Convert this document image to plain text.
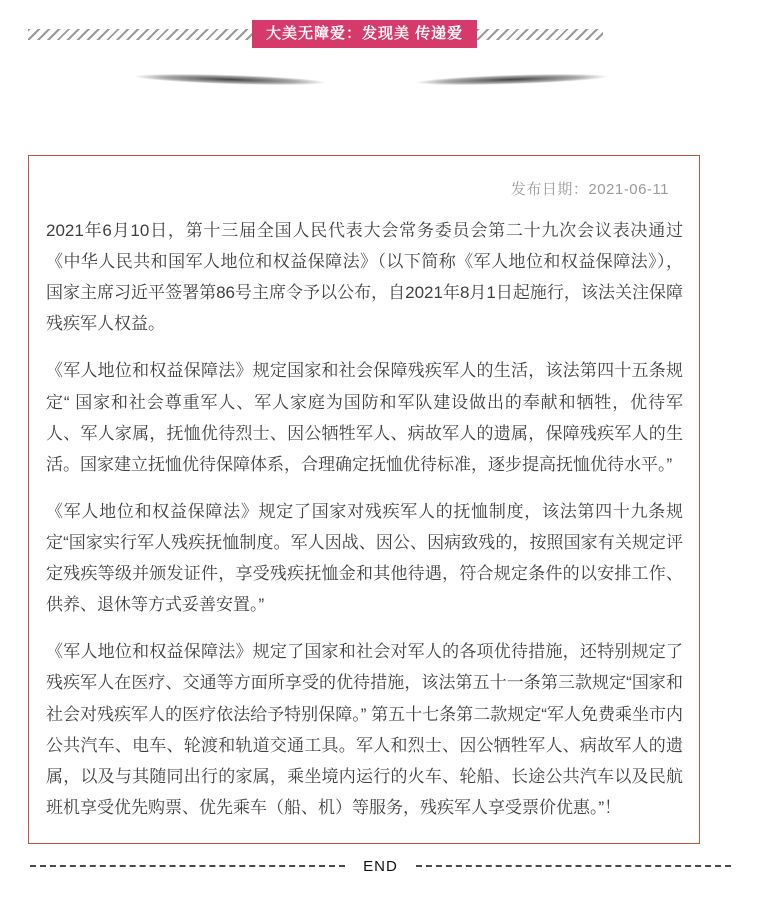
大美无障爱：发现美 传递爱
发布日期：2021-06-11

2021年6月10日，第十三届全国人民代表大会常务委员会第二十九次会议表决通过《中华人民共和国军人地位和权益保障法》（以下简称《军人地位和权益保障法》），国家主席习近平签署第86号主席令予以公布，自2021年8月1日起施行，该法关注保障残疾军人权益。

《军人地位和权益保障法》规定国家和社会保障残疾军人的生活，该法第四十五条规定“ 国家和社会尊重军人、军人家庭为国防和军队建设做出的奉献和牺牲，优待军人、军人家属，抚恤优待烈士、因公牺牲军人、病故军人的遗属，保障残疾军人的生活。国家建立抚恤优待保障体系，合理确定抚恤优待标准，逐步提高抚恤优待水平。”

《军人地位和权益保障法》规定了国家对残疾军人的抚恤制度，该法第四十九条规定“国家实行军人残疾抚恤制度。军人因战、因公、因病致残的，按照国家有关规定评定残疾等级并颁发证件，享受残疾抚恤金和其他待遇，符合规定条件的以安排工作、供养、退休等方式妥善安置。”

《军人地位和权益保障法》规定了国家和社会对军人的各项优待措施，还特别规定了残疾军人在医疗、交通等方面所享受的优待措施，该法第五十一条第三款规定“国家和社会对残疾军人的医疗依法给予特别保障。” 第五十七条第二款规定“军人免费乘坐市内公共汽车、电车、轮渡和轨道交通工具。军人和烈士、因公牺牲军人、病故军人的遗属，以及与其随同出行的家属，乘坐境内运行的火车、轮船、长途公共汽车以及民航班机享受优先购票、优先乘车（船、机）等服务，残疾军人享受票价优惠。”！

END
